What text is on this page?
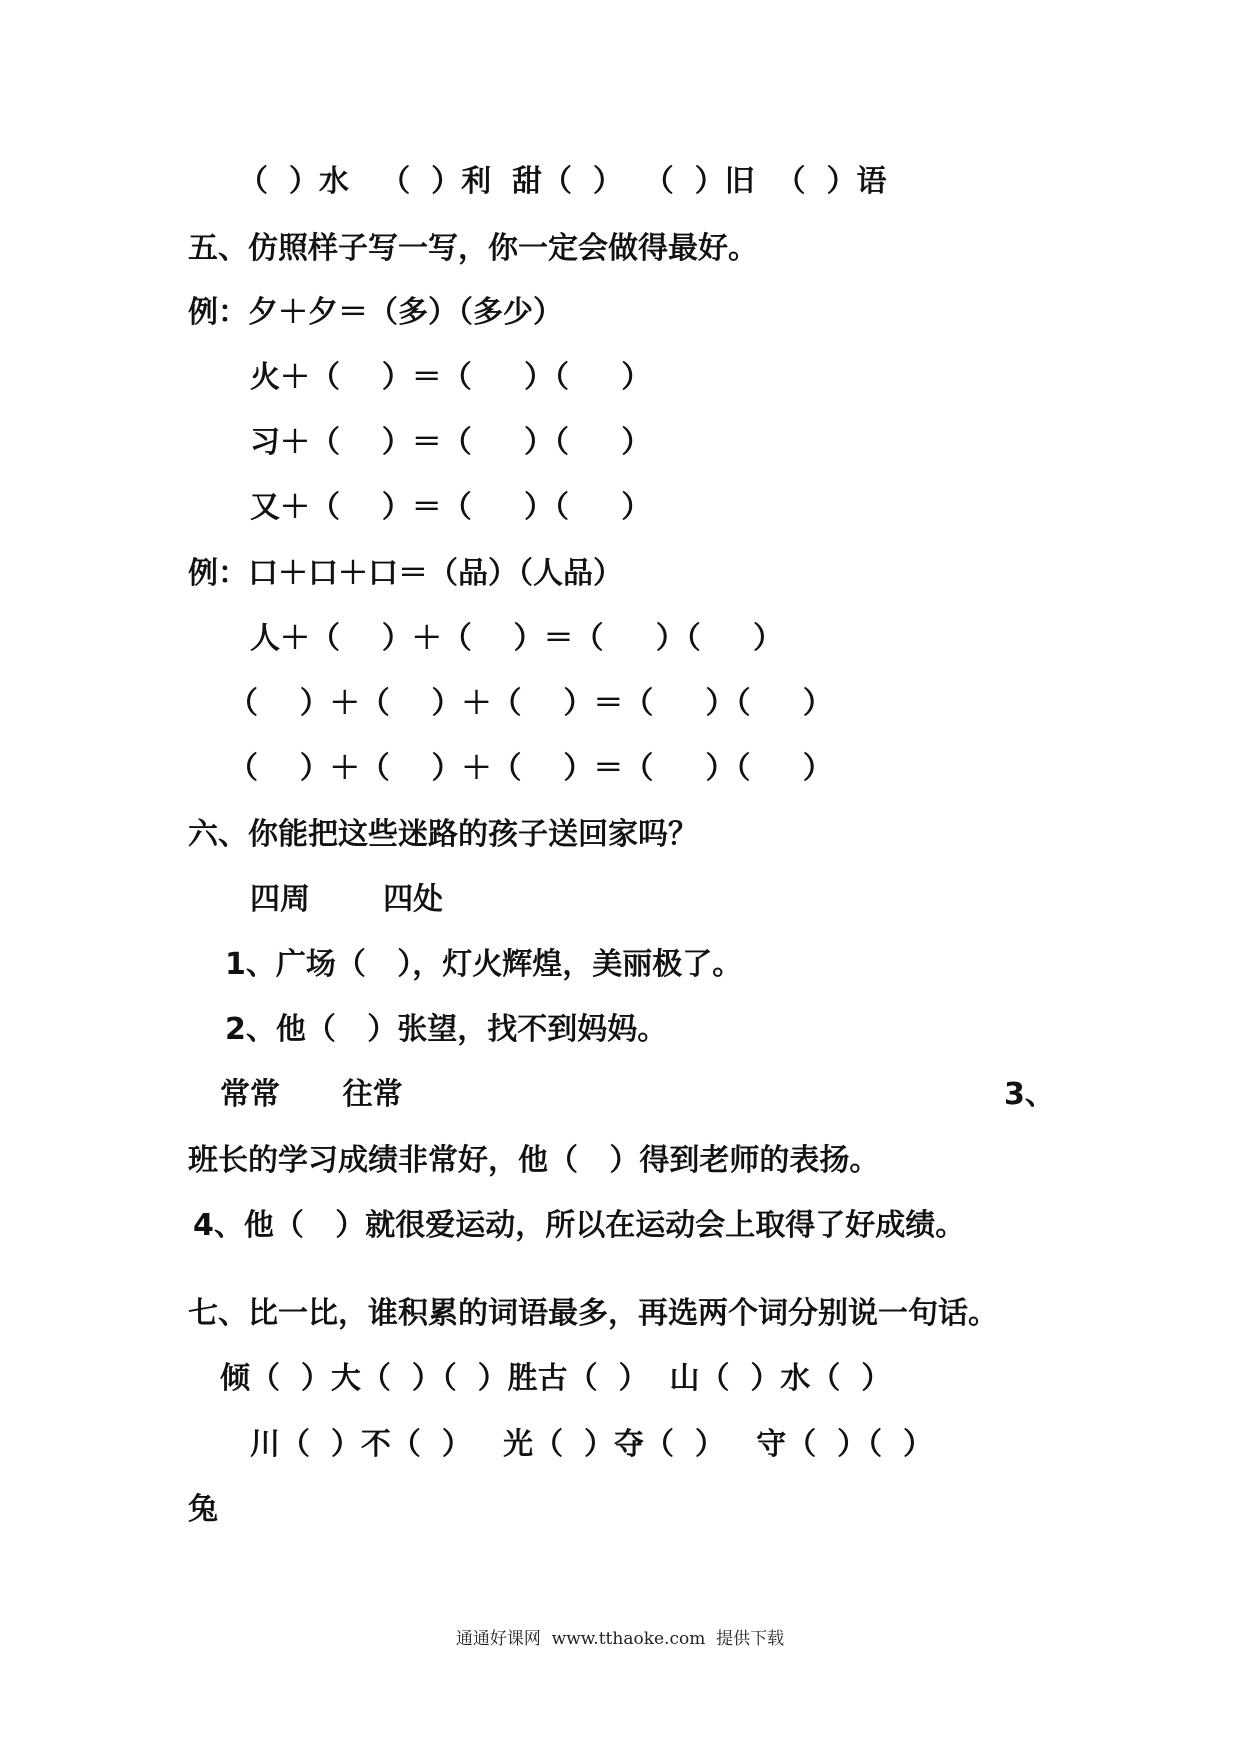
（  ）水   （  ）利  甜（  ）  （  ）旧  （  ）语
五、仿照样子写一写，你一定会做得最好。
例：夕＋夕＝（多）（多少）
火＋（    ）＝（     ）（     ）
习＋（    ）＝（     ）（     ）
又＋（    ）＝（     ）（     ）
例：口＋口＋口＝（品）（人品）
人＋（    ）＋（    ）＝（     ）（     ）
（    ）＋（    ）＋（    ）＝（     ）（     ）
（    ）＋（    ）＋（    ）＝（     ）（     ）
六、你能把这些迷路的孩子送回家吗？
四周       四处
1、广场（   ），灯火辉煌，美丽极了。
2、他（   ）张望，找不到妈妈。
常常      往常	3、
班长的学习成绩非常好，他（   ）得到老师的表扬。
4、他（   ）就很爱运动，所以在运动会上取得了好成绩。
七、比一比，谁积累的词语最多，再选两个词分别说一句话。
倾（  ）大（  ）（  ）胜古（  ）  山（  ）水（  ）
川（  ）不（  ）   光（  ）夺（  ）   守（  ）（  ）
兔
通通好课网  www.tthaoke.com  提供下载
